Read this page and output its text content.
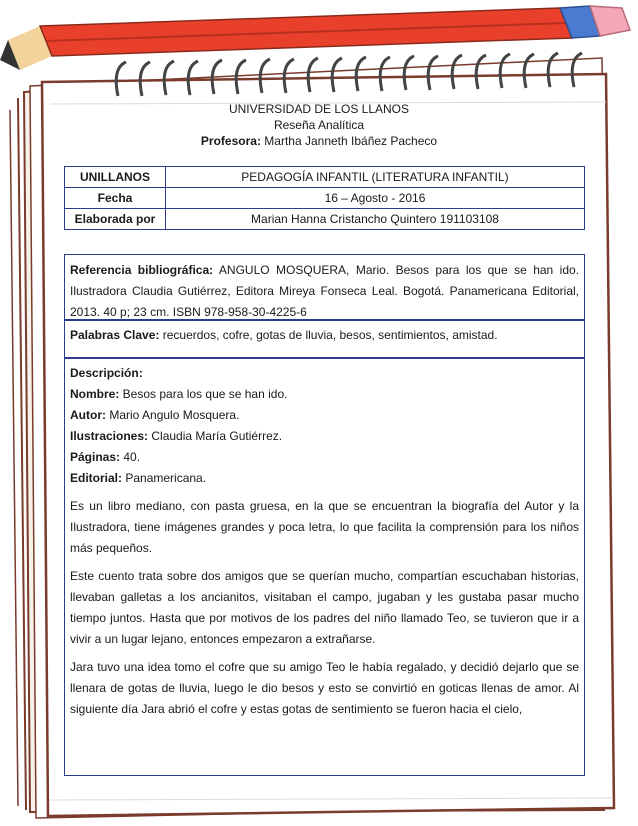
UNIVERSIDAD DE LOS LLANOS
Reseña Analítica
Profesora: Martha Janneth Ibáñez Pacheco
UNILLANOS	PEDAGOGÍA INFANTIL (LITERATURA INFANTIL)
Fecha	16 – Agosto - 2016
Elaborada por	Marian Hanna Cristancho Quintero 191103108

Referencia bibliográfica: ANGULO MOSQUERA, Mario. Besos para los que se han ido. Ilustradora Claudia Gutiérrez, Editora Mireya Fonseca Leal. Bogotá. Panamericana Editorial, 2013. 40 p; 23 cm. ISBN 978-958-30-4225-6

Palabras Clave: recuerdos, cofre, gotas de lluvia, besos, sentimientos, amistad.

Descripción:
Nombre: Besos para los que se han ido.
Autor: Mario Angulo Mosquera.
Ilustraciones: Claudia María Gutiérrez.
Páginas: 40.
Editorial: Panamericana.
Es un libro mediano, con pasta gruesa, en la que se encuentran la biografía del Autor y la Ilustradora, tiene imágenes grandes y poca letra, lo que facilita la comprensión para los niños más pequeños.
Este cuento trata sobre dos amigos que se querían mucho, compartían escuchaban historias, llevaban galletas a los ancianitos, visitaban el campo, jugaban y les gustaba pasar mucho tiempo juntos. Hasta que por motivos de los padres del niño llamado Teo, se tuvieron que ir a vivir a un lugar lejano, entonces empezaron a extrañarse.
Jara tuvo una idea tomo el cofre que su amigo Teo le había regalado, y decidió dejarlo que se llenara de gotas de lluvia, luego le dio besos y esto se convirtió en goticas llenas de amor. Al siguiente día Jara abrió el cofre y estas gotas de sentimiento se fueron hacia el cielo,
